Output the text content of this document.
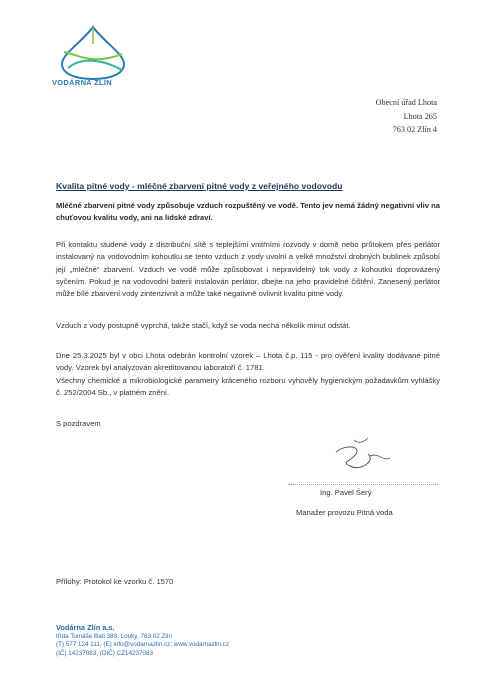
VODÁRNA ZLÍN
Obecní úřad Lhota
Lhota 265
763 02 Zlín 4
Kvalita pitné vody - mléčné zbarvení pitné vody z veřejného vodovodu
Mléčné zbarvení pitné vody způsobuje vzduch rozpuštěný ve vodě. Tento jev nemá žádný negativní vliv na chuťovou kvalitu vody, ani na lidské zdraví.
Při kontaktu studené vody z distribuční sítě s teplejšími vnitřními rozvody v domě nebo průtokem přes perlátor instalovaný na vodovodním kohoutku se tento vzduch z vody uvolní a velké množství drobných bublinek způsobí její „mléčné“ zbarvení. Vzduch ve vodě může způsobovat i nepravidelný tok vody z kohoutku doprovázený syčením. Pokud je na vodovodní baterii instalován perlátor, dbejte na jeho pravidelné čištění. Zanesený perlátor může bílé zbarvení vody zintenzivnit a může také negativně ovlivnit kvalitu pitné vody.
Vzduch z vody postupně vyprchá, takže stačí, když se voda nechá několik minut odstát.
Dne 25.3.2025 byl v obci Lhota odebrán kontrolní vzorek – Lhota č.p. 115 - pro ověření kvality dodávané pitné vody. Vzorek byl analyzován akreditovanou laboratoří č. 1781.
Všechny chemické a mikrobiologické parametry kráceného rozboru vyhověly hygienickým požadavkům vyhlášky č. 252/2004 Sb., v platném znění.
S pozdravem
Ing. Pavel Šerý
Manažer provozu Pitná voda
Přílohy: Protokol ke vzorku č. 1570
Vodárna Zlín a.s.
třída Tomáše Bati 383, Louky, 763 02 Zlín
(T) 577 124 111, (E) info@vodarnazlin.cz; www.vodarnazlin.cz
(IČ) 14237083, (DIČ) CZ14237083
